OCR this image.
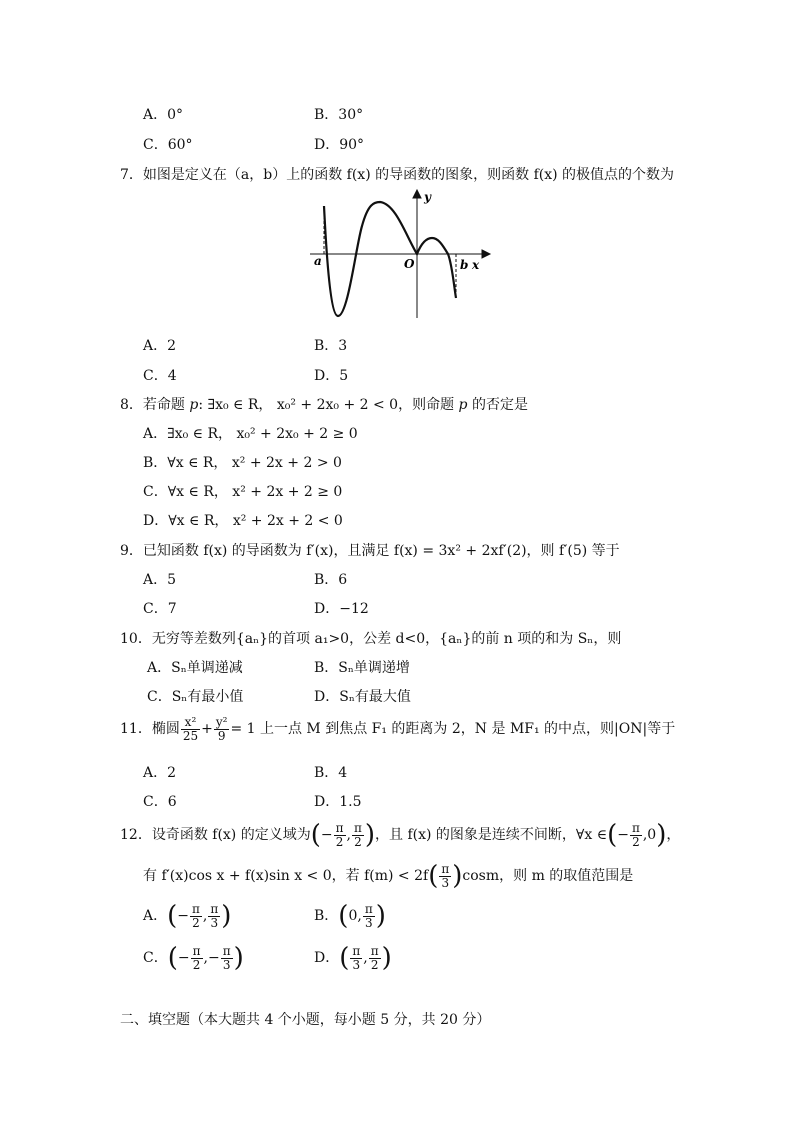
A．0°	B．30°
C．60°	D．90°
7．如图是定义在（a，b）上的函数 f(x) 的导函数的图象，则函数 f(x) 的极值点的个数为
y
x
O
a	b
A．2	B．3
C．4	D．5
8．若命题 p: ∃x₀ ∈ R， x₀² + 2x₀ + 2 < 0，则命题 p 的否定是
A．∃x₀ ∈ R， x₀² + 2x₀ + 2 ≥ 0
B．∀x ∈ R， x² + 2x + 2 > 0
C．∀x ∈ R， x² + 2x + 2 ≥ 0
D．∀x ∈ R， x² + 2x + 2 < 0
9．已知函数 f(x) 的导函数为 f′(x)，且满足 f(x) = 3x² + 2xf′(2)，则 f′(5) 等于
A．5	B．6
C．7	D．−12
10．无穷等差数列{aₙ}的首项 a₁>0，公差 d<0，{aₙ}的前 n 项的和为 Sₙ，则
A．Sₙ单调递减	B．Sₙ单调递增
C．Sₙ有最小值	D．Sₙ有最大值
11．椭圆 $\frac{\text{x²}}{25} + \frac{\text{y²}}{9} = 1$ 上一点 M 到焦点 F₁ 的距离为 2，N 是 MF₁ 的中点，则|ON|等于
A．2	B．4
C．6	D．1.5
12．设奇函数 f(x) 的定义域为(− $\frac{\pi}{2}$ , $\frac{\pi}{2}$ )，且 f(x) 的图象是连续不间断，∀x ∈(− $\frac{\pi}{2} ,0$)，
有 f′(x)cos x + f(x)sin x < 0，若 $f(m) < 2f( \frac{\pi}{3} )\cos m$，则 m 的取值范围是
A．(− $\frac{\pi}{2}$ , $\frac{\pi}{3}$ )	B．(0, $\frac{\pi}{3}$ )
C．(− $\frac{\pi}{2}$ ,− $\frac{\pi}{3}$ )	D．( $\frac{\pi}{3}$ , $\frac{\pi}{2}$ )
二、填空题（本大题共 4 个小题，每小题 5 分，共 20 分）
